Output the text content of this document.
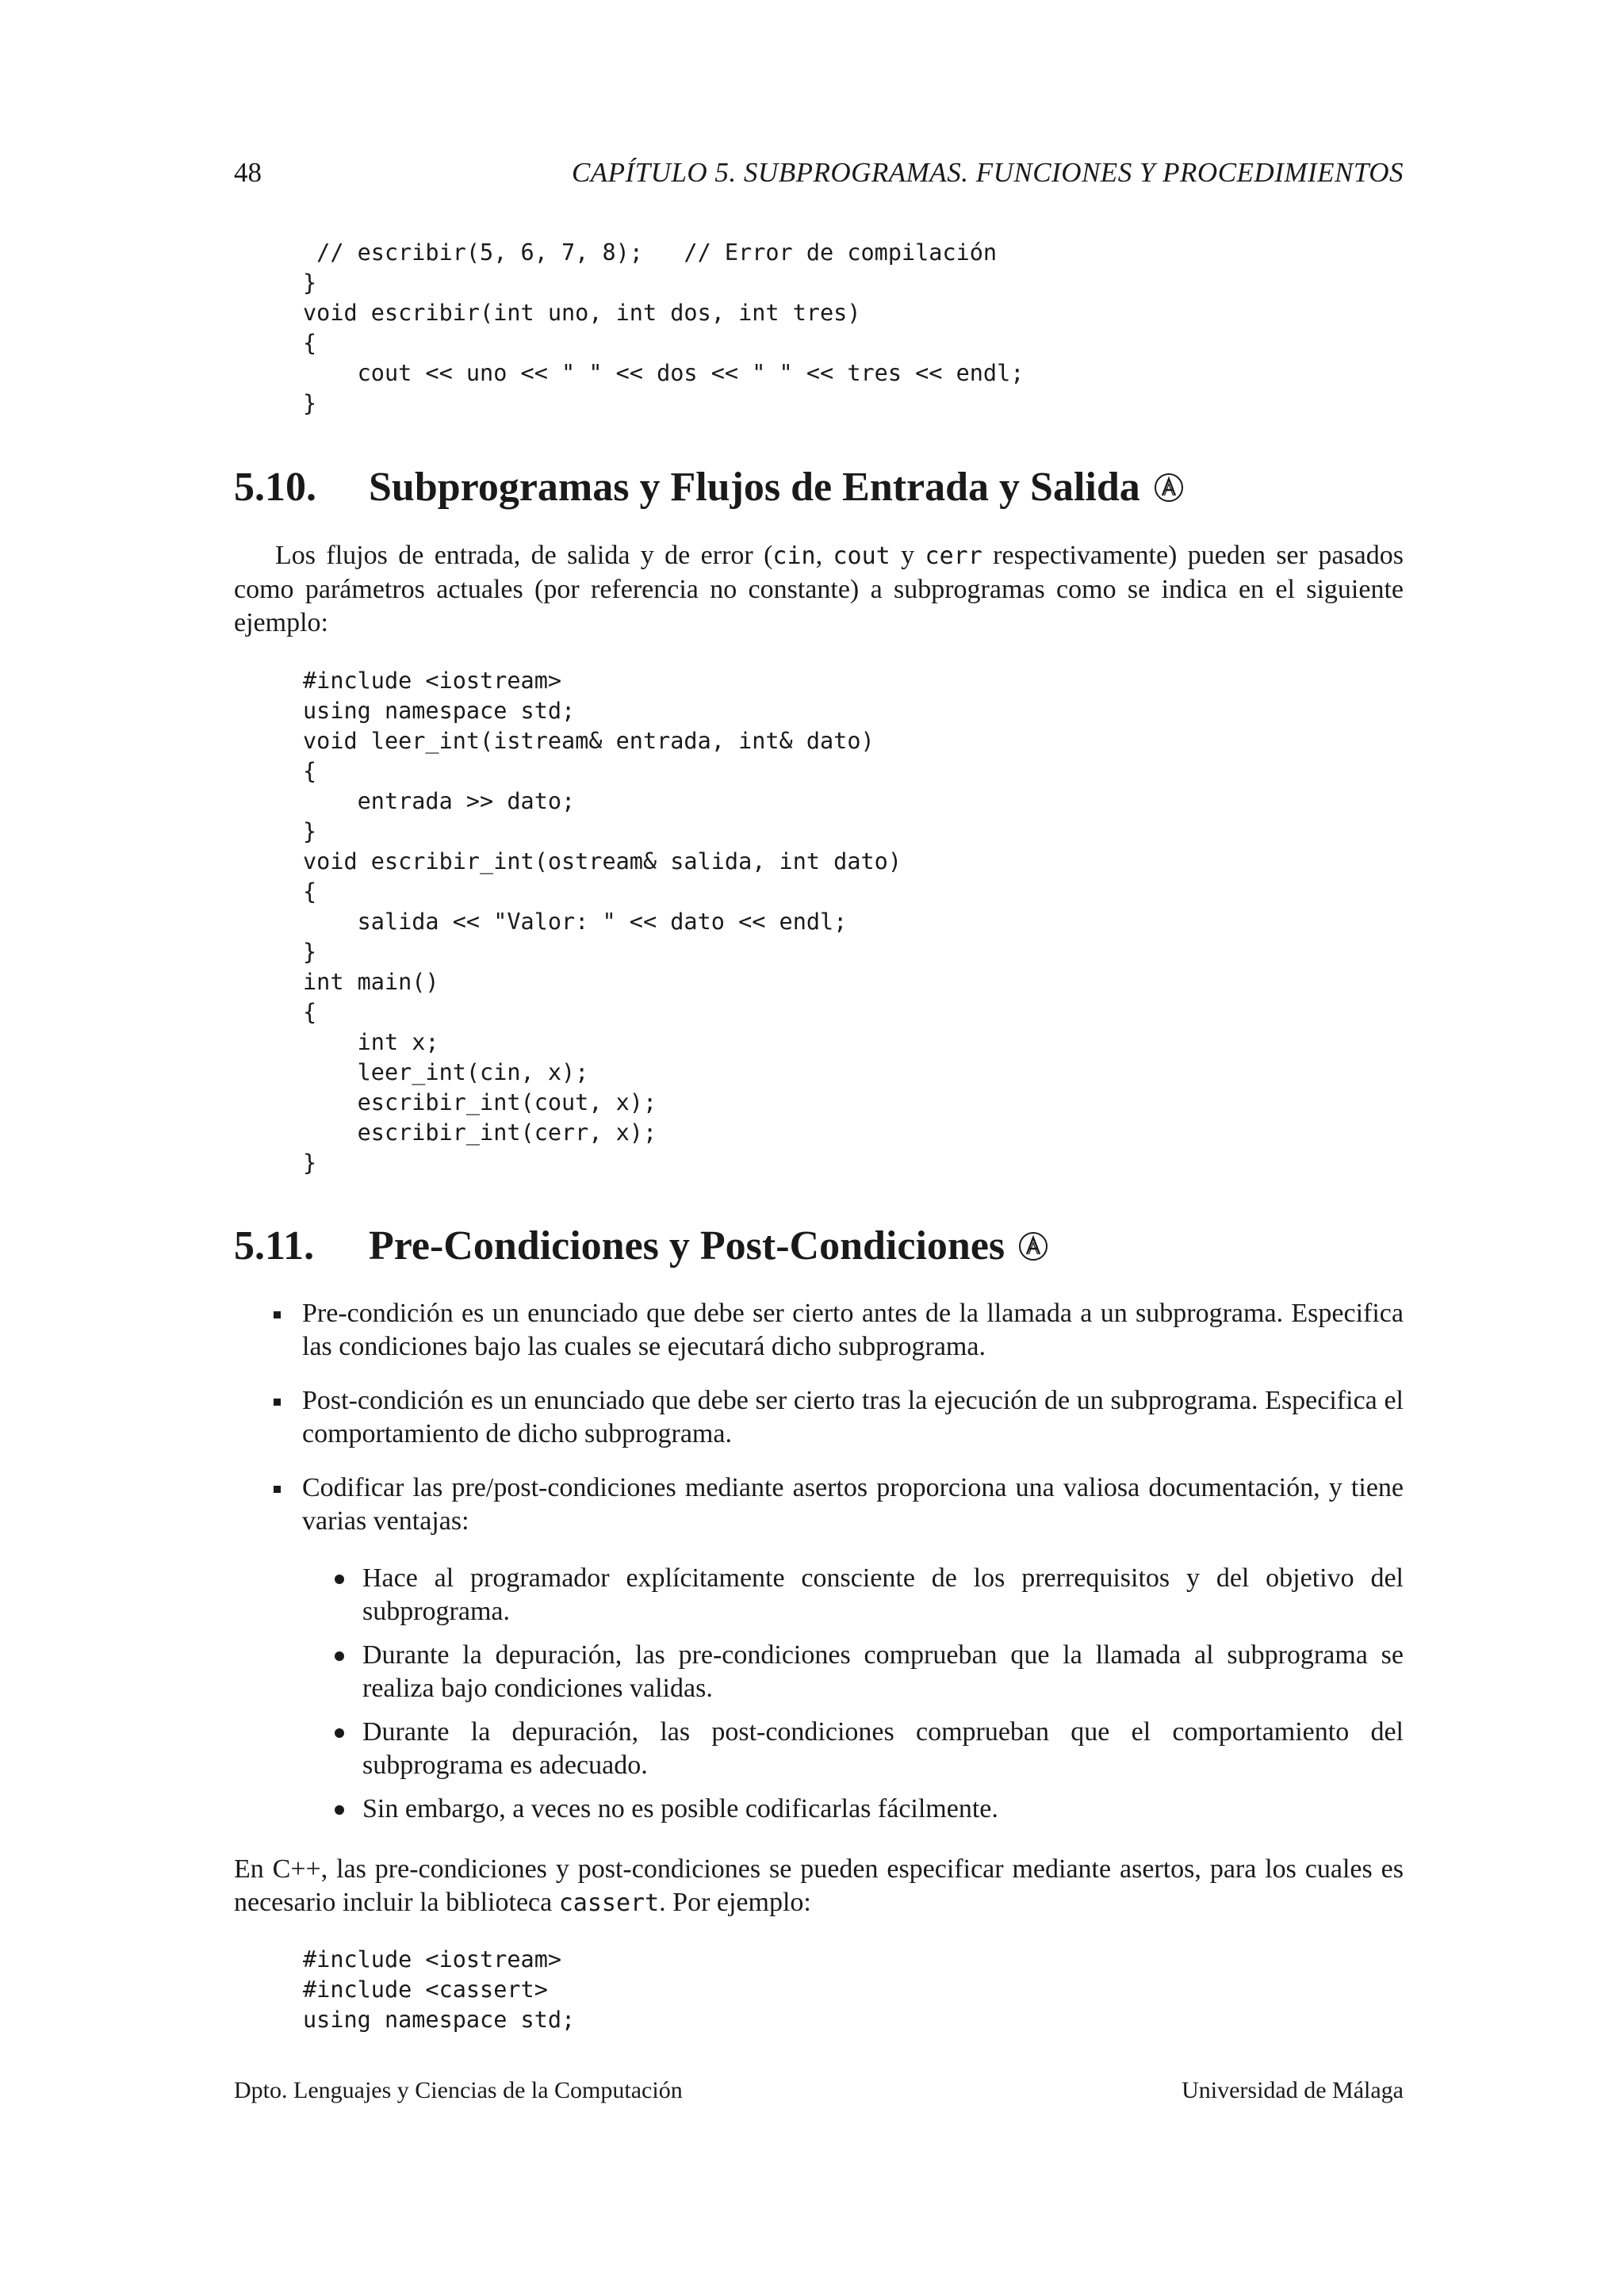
48	CAPÍTULO 5. SUBPROGRAMAS. FUNCIONES Y PROCEDIMIENTOS
// escribir(5, 6, 7, 8);   // Error de compilación
}
void escribir(int uno, int dos, int tres)
{
cout << uno << " " << dos << " " << tres << endl;
}
5.10. Subprogramas y Flujos de Entrada y Salida
Los flujos de entrada, de salida y de error (cin, cout y cerr respectivamente) pueden ser pasados como parámetros actuales (por referencia no constante) a subprogramas como se indica en el siguiente ejemplo:
#include <iostream>
using namespace std;
void leer_int(istream& entrada, int& dato)
{
entrada >> dato;
}
void escribir_int(ostream& salida, int dato)
{
salida << "Valor: " << dato << endl;
}
int main()
{
int x;
leer_int(cin, x);
escribir_int(cout, x);
escribir_int(cerr, x);
}
5.11. Pre-Condiciones y Post-Condiciones
Pre-condición es un enunciado que debe ser cierto antes de la llamada a un subprograma. Especifica las condiciones bajo las cuales se ejecutará dicho subprograma.
Post-condición es un enunciado que debe ser cierto tras la ejecución de un subprograma. Especifica el comportamiento de dicho subprograma.
Codificar las pre/post-condiciones mediante asertos proporciona una valiosa documentación, y tiene varias ventajas:
Hace al programador explícitamente consciente de los prerrequisitos y del objetivo del subprograma.
Durante la depuración, las pre-condiciones comprueban que la llamada al subprograma se realiza bajo condiciones validas.
Durante la depuración, las post-condiciones comprueban que el comportamiento del subprograma es adecuado.
Sin embargo, a veces no es posible codificarlas fácilmente.
En C++, las pre-condiciones y post-condiciones se pueden especificar mediante asertos, para los cuales es necesario incluir la biblioteca cassert. Por ejemplo:
#include <iostream>
#include <cassert>
using namespace std;
Dpto. Lenguajes y Ciencias de la Computación	Universidad de Málaga
